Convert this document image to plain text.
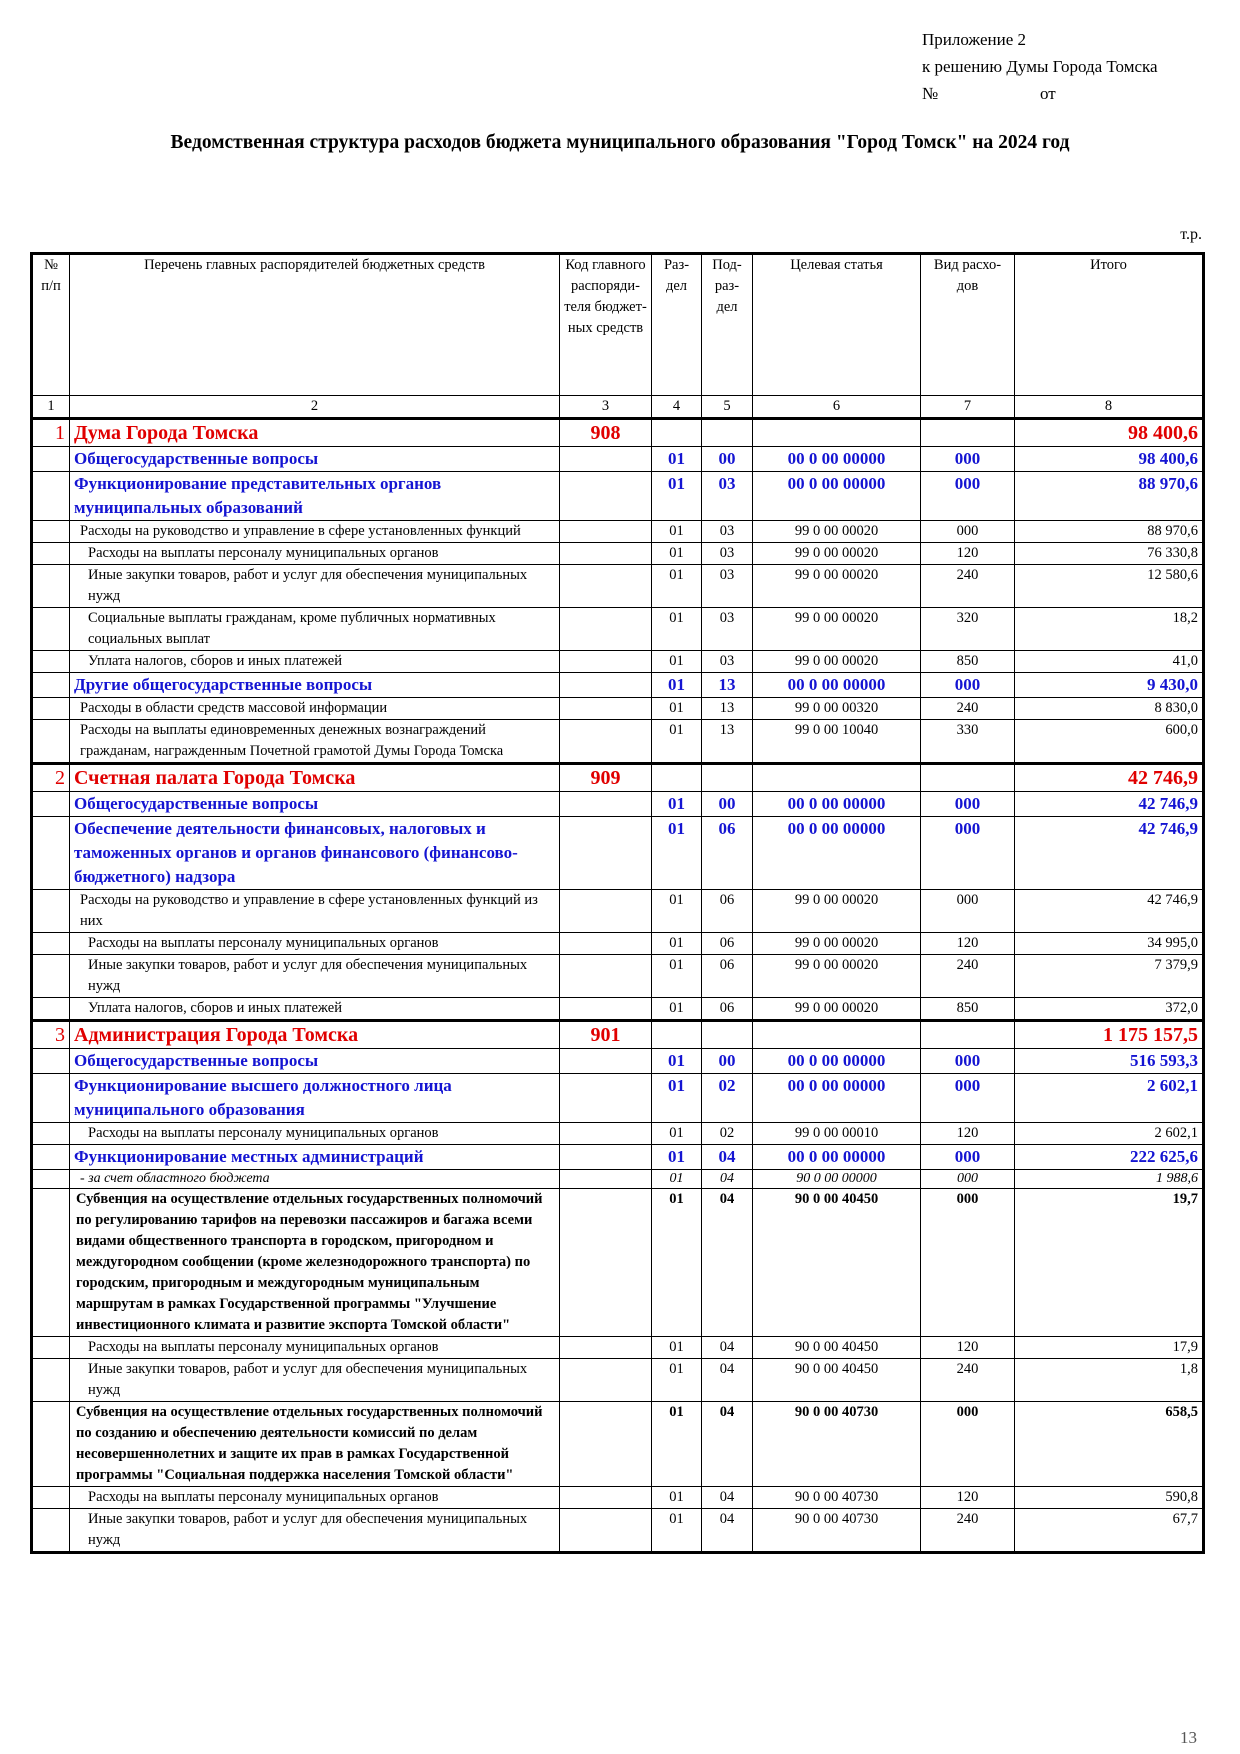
Приложение 2
к решению Думы Города Томска
№	от
Ведомственная структура расходов бюджета муниципального образования "Город Томск" на 2024 год
т.р.
№ п/п	Перечень главных распорядителей бюджетных средств	Код главного распоряди-теля бюджет-ных средств	Раз-дел	Под-раз-дел	Целевая статья	Вид расхо-дов	Итого
1	2	3	4	5	6	7	8
1	Дума Города Томска	908					98 400,6
	Общегосударственные вопросы		01	00	00 0 00 00000	000	98 400,6
	Функционирование представительных органов муниципальных образований		01	03	00 0 00 00000	000	88 970,6
	Расходы на руководство и управление в сфере установленных функций		01	03	99 0 00 00020	000	88 970,6
	Расходы на выплаты персоналу муниципальных органов		01	03	99 0 00 00020	120	76 330,8
	Иные закупки товаров, работ и услуг для обеспечения муниципальных нужд		01	03	99 0 00 00020	240	12 580,6
	Социальные выплаты гражданам, кроме публичных нормативных социальных выплат		01	03	99 0 00 00020	320	18,2
	Уплата налогов, сборов и иных платежей		01	03	99 0 00 00020	850	41,0
	Другие общегосударственные вопросы		01	13	00 0 00 00000	000	9 430,0
	Расходы в области средств массовой информации		01	13	99 0 00 00320	240	8 830,0
	Расходы на выплаты единовременных денежных вознаграждений гражданам, награжденным Почетной грамотой Думы Города Томска		01	13	99 0 00 10040	330	600,0
2	Счетная палата Города Томска	909					42 746,9
	Общегосударственные вопросы		01	00	00 0 00 00000	000	42 746,9
	Обеспечение деятельности финансовых, налоговых и таможенных органов и органов финансового (финансово-бюджетного) надзора		01	06	00 0 00 00000	000	42 746,9
	Расходы на руководство и управление в сфере установленных функций из них		01	06	99 0 00 00020	000	42 746,9
	Расходы на выплаты персоналу муниципальных органов		01	06	99 0 00 00020	120	34 995,0
	Иные закупки товаров, работ и услуг для обеспечения муниципальных нужд		01	06	99 0 00 00020	240	7 379,9
	Уплата налогов, сборов и иных платежей		01	06	99 0 00 00020	850	372,0
3	Администрация Города Томска	901					1 175 157,5
	Общегосударственные вопросы		01	00	00 0 00 00000	000	516 593,3
	Функционирование высшего должностного лица муниципального образования		01	02	00 0 00 00000	000	2 602,1
	Расходы на выплаты персоналу муниципальных органов		01	02	99 0 00 00010	120	2 602,1
	Функционирование местных администраций		01	04	00 0 00 00000	000	222 625,6
	- за счет областного бюджета		01	04	90 0 00 00000	000	1 988,6
	Субвенция на осуществление отдельных государственных полномочий по регулированию тарифов на перевозки пассажиров и багажа всеми видами общественного транспорта в городском, пригородном и междугородном сообщении (кроме железнодорожного транспорта) по городским, пригородным и междугородным муниципальным маршрутам в рамках Государственной программы "Улучшение инвестиционного климата и развитие экспорта Томской области"		01	04	90 0 00 40450	000	19,7
	Расходы на выплаты персоналу муниципальных органов		01	04	90 0 00 40450	120	17,9
	Иные закупки товаров, работ и услуг для обеспечения муниципальных нужд		01	04	90 0 00 40450	240	1,8
	Субвенция на осуществление отдельных государственных полномочий по созданию и обеспечению деятельности комиссий по делам несовершеннолетних и защите их прав в рамках Государственной программы "Социальная поддержка населения Томской области"		01	04	90 0 00 40730	000	658,5
	Расходы на выплаты персоналу муниципальных органов		01	04	90 0 00 40730	120	590,8
	Иные закупки товаров, работ и услуг для обеспечения муниципальных нужд		01	04	90 0 00 40730	240	67,7
13
